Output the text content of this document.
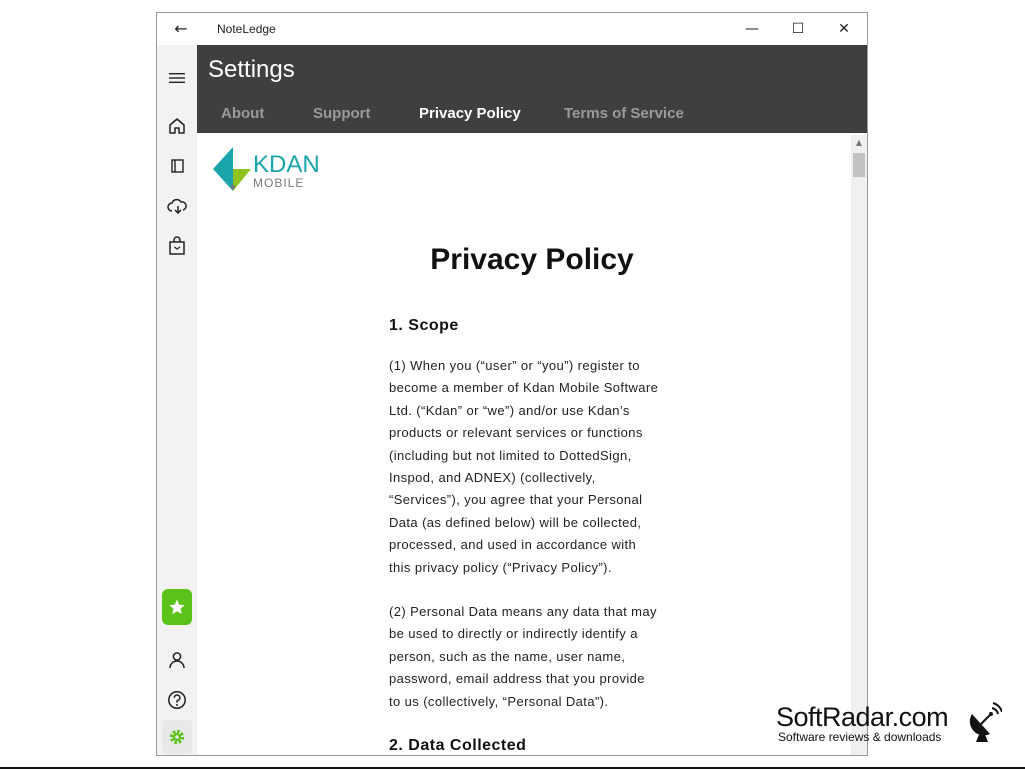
←	NoteLedge	—	☐	✕
Settings
About	Support	Privacy Policy	Terms of Service
KDAN
MOBILE
Privacy Policy
1. Scope
(1) When you (“user” or “you”) register to
become a member of Kdan Mobile Software
Ltd. (“Kdan” or “we”) and/or use Kdan’s
products or relevant services or functions
(including but not limited to DottedSign,
Inspod, and ADNEX) (collectively,
“Services”), you agree that your Personal
Data (as defined below) will be collected,
processed, and used in accordance with
this privacy policy (“Privacy Policy”).
(2) Personal Data means any data that may
be used to directly or indirectly identify a
person, such as the name, user name,
password, email address that you provide
to us (collectively, “Personal Data”).
2. Data Collected
▲
SoftRadar.com
Software reviews & downloads
